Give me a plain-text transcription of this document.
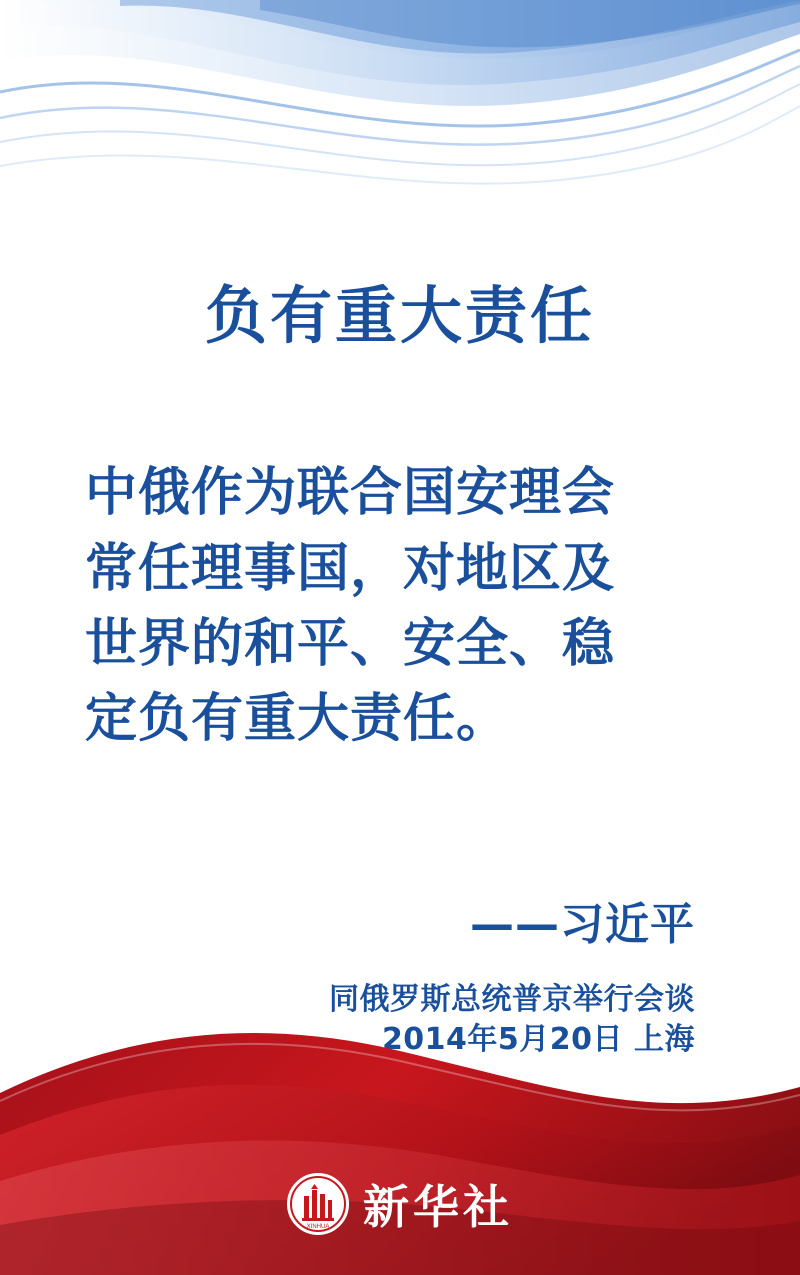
负有重大责任
中俄作为联合国安理会
常任理事国，对地区及
世界的和平、安全、稳
定负有重大责任。
——习近平
同俄罗斯总统普京举行会谈
2014年5月20日 上海
XINHUA 新华社
